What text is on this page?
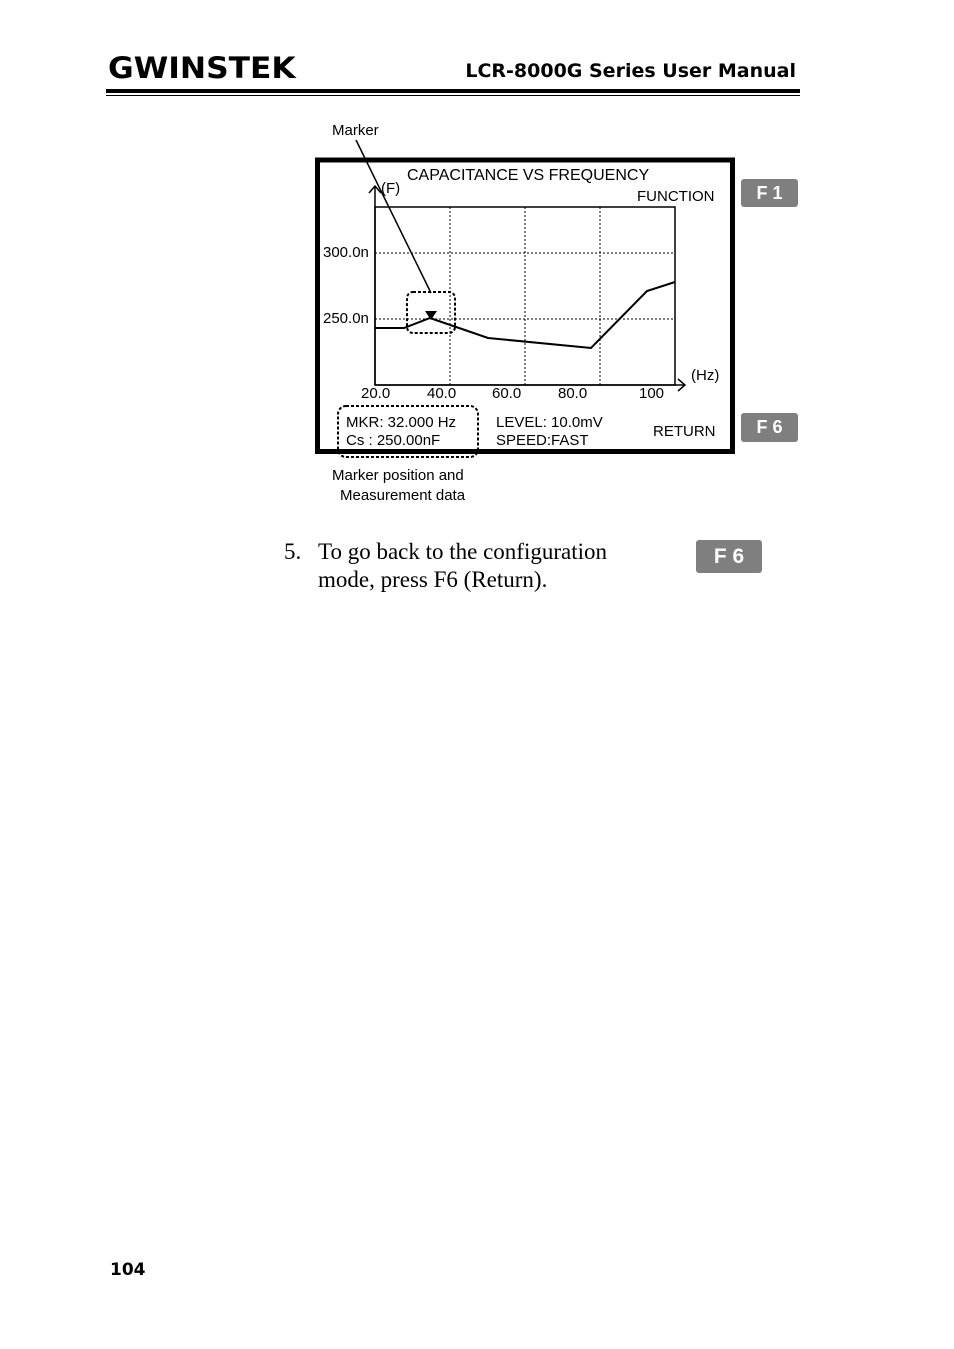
GWINSTEK	LCR-8000G Series User Manual
Marker
CAPACITANCE VS FREQUENCY
(F)	FUNCTION
300.0n
250.0n
(Hz)
20.0 40.0 60.0 80.0	100
MKR: 32.000 Hz
Cs : 250.00nF
LEVEL: 10.0mV
SPEED:FAST
RETURN
F 1
F 6
Marker position and
Measurement data
5. To go back to the configuration
mode, press F6 (Return).
F 6
104
